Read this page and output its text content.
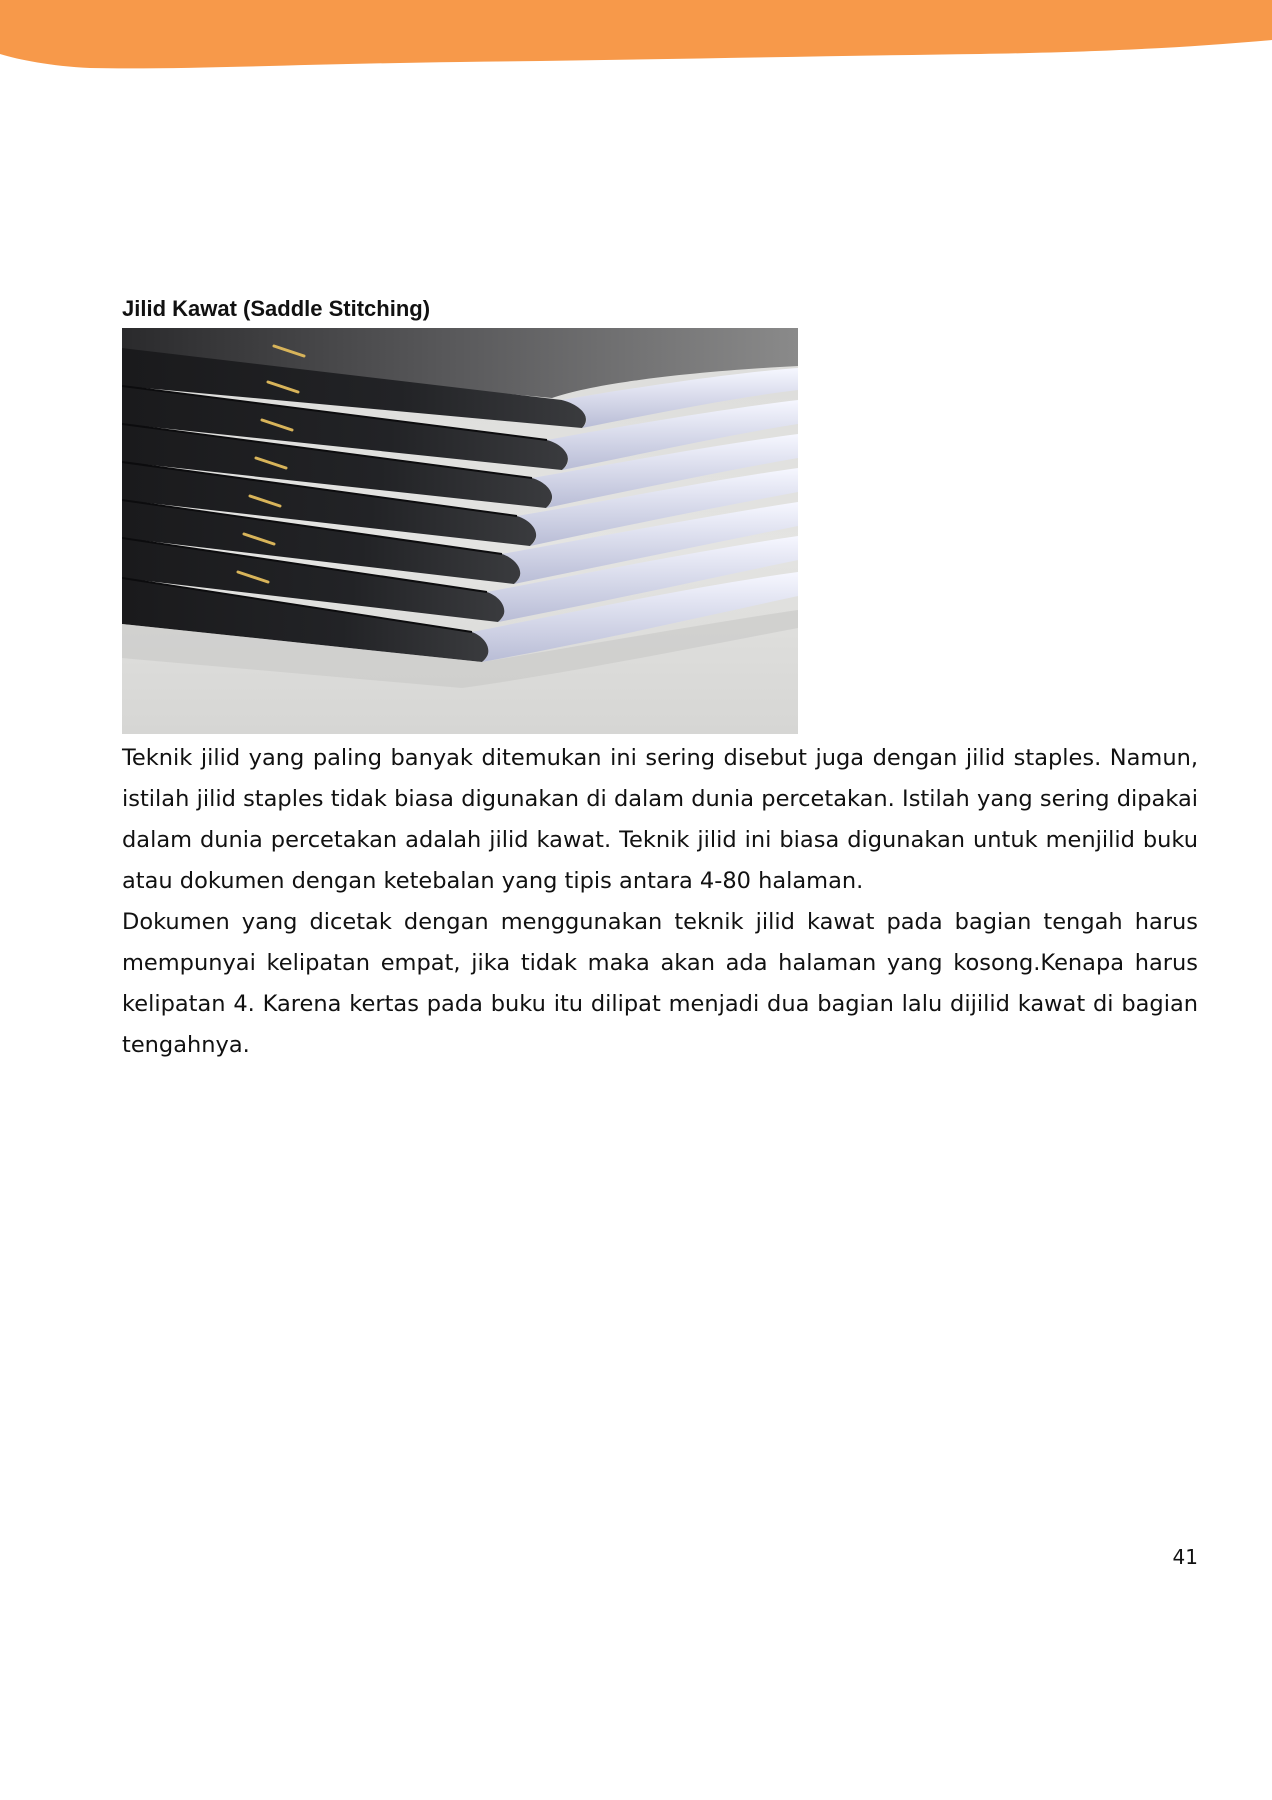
Jilid Kawat (Saddle Stitching)

Teknik jilid yang paling banyak ditemukan ini sering disebut juga dengan jilid staples. Namun, istilah jilid staples tidak biasa digunakan di dalam dunia percetakan. Istilah yang sering dipakai dalam dunia percetakan adalah jilid kawat. Teknik jilid ini biasa digunakan untuk menjilid buku atau dokumen dengan ketebalan yang tipis antara 4-80 halaman.

Dokumen yang dicetak dengan menggunakan teknik jilid kawat pada bagian tengah harus mempunyai kelipatan empat, jika tidak maka akan ada halaman yang kosong.Kenapa harus kelipatan 4. Karena kertas pada buku itu dilipat menjadi dua bagian lalu dijilid kawat di bagian tengahnya.

41
